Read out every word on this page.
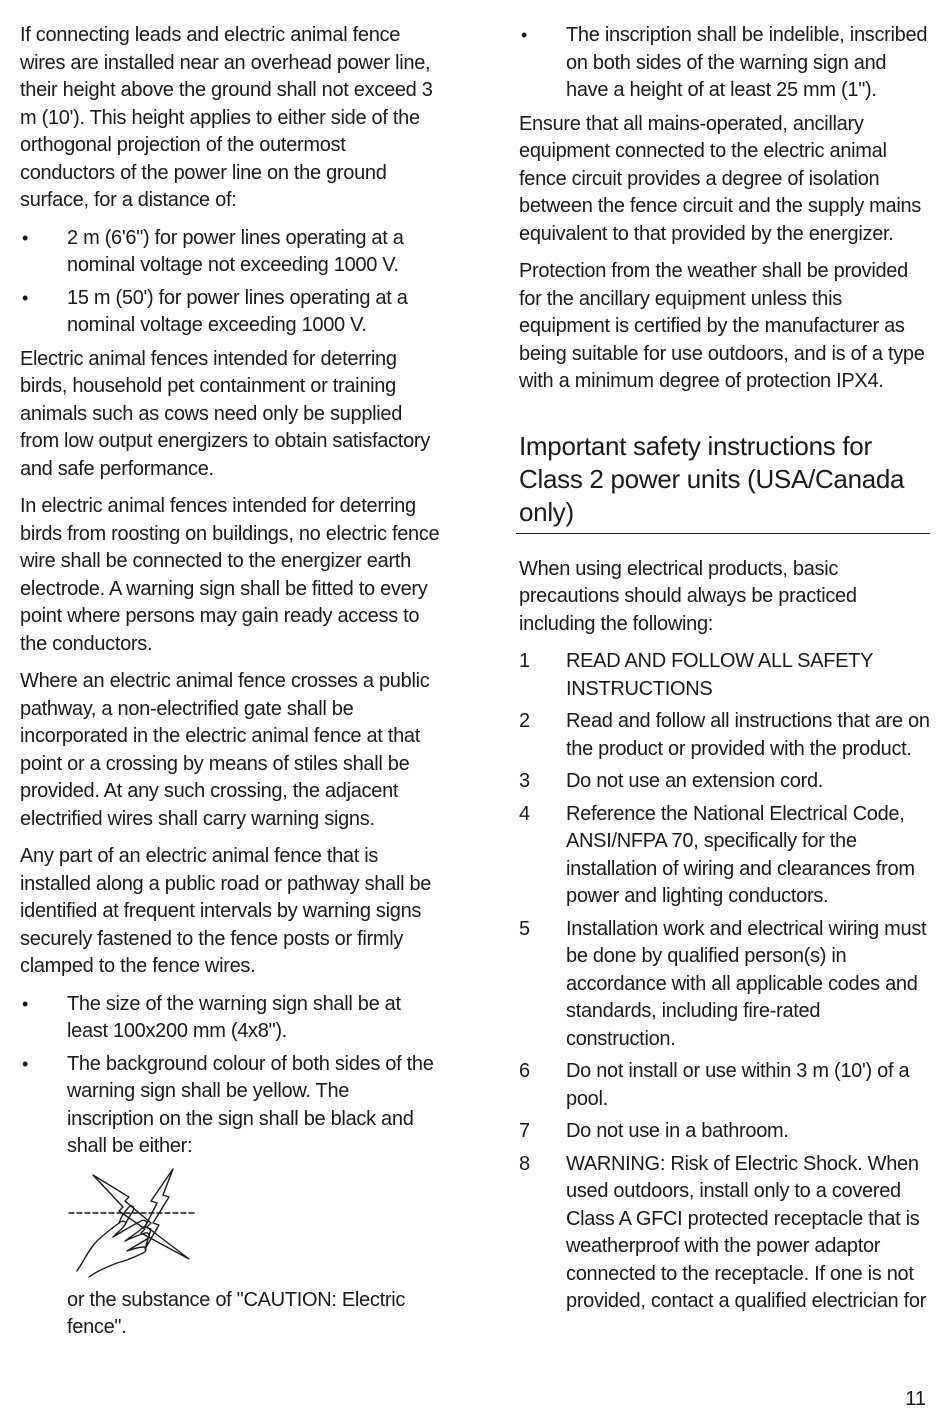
If connecting leads and electric animal fence wires are installed near an overhead power line, their height above the ground shall not exceed 3 m (10'). This height applies to either side of the orthogonal projection of the outermost conductors of the power line on the ground surface, for a distance of:

• 2 m (6'6") for power lines operating at a nominal voltage not exceeding 1000 V.
• 15 m (50') for power lines operating at a nominal voltage exceeding 1000 V.

Electric animal fences intended for deterring birds, household pet containment or training animals such as cows need only be supplied from low output energizers to obtain satisfactory and safe performance.

In electric animal fences intended for deterring birds from roosting on buildings, no electric fence wire shall be connected to the energizer earth electrode. A warning sign shall be fitted to every point where persons may gain ready access to the conductors.

Where an electric animal fence crosses a public pathway, a non-electrified gate shall be incorporated in the electric animal fence at that point or a crossing by means of stiles shall be provided. At any such crossing, the adjacent electrified wires shall carry warning signs.

Any part of an electric animal fence that is installed along a public road or pathway shall be identified at frequent intervals by warning signs securely fastened to the fence posts or firmly clamped to the fence wires.

• The size of the warning sign shall be at least 100x200 mm (4x8").
• The background colour of both sides of the warning sign shall be yellow. The inscription on the sign shall be black and shall be either:

or the substance of "CAUTION: Electric fence".

• The inscription shall be indelible, inscribed on both sides of the warning sign and have a height of at least 25 mm (1").

Ensure that all mains-operated, ancillary equipment connected to the electric animal fence circuit provides a degree of isolation between the fence circuit and the supply mains equivalent to that provided by the energizer.

Protection from the weather shall be provided for the ancillary equipment unless this equipment is certified by the manufacturer as being suitable for use outdoors, and is of a type with a minimum degree of protection IPX4.

Important safety instructions for Class 2 power units (USA/Canada only)

When using electrical products, basic precautions should always be practiced including the following:

1	READ AND FOLLOW ALL SAFETY INSTRUCTIONS
2	Read and follow all instructions that are on the product or provided with the product.
3	Do not use an extension cord.
4	Reference the National Electrical Code, ANSI/NFPA 70, specifically for the installation of wiring and clearances from power and lighting conductors.
5	Installation work and electrical wiring must be done by qualified person(s) in accordance with all applicable codes and standards, including fire-rated construction.
6	Do not install or use within 3 m (10') of a pool.
7	Do not use in a bathroom.
8	WARNING: Risk of Electric Shock. When used outdoors, install only to a covered Class A GFCI protected receptacle that is weatherproof with the power adaptor connected to the receptacle. If one is not provided, contact a qualified electrician for
11
